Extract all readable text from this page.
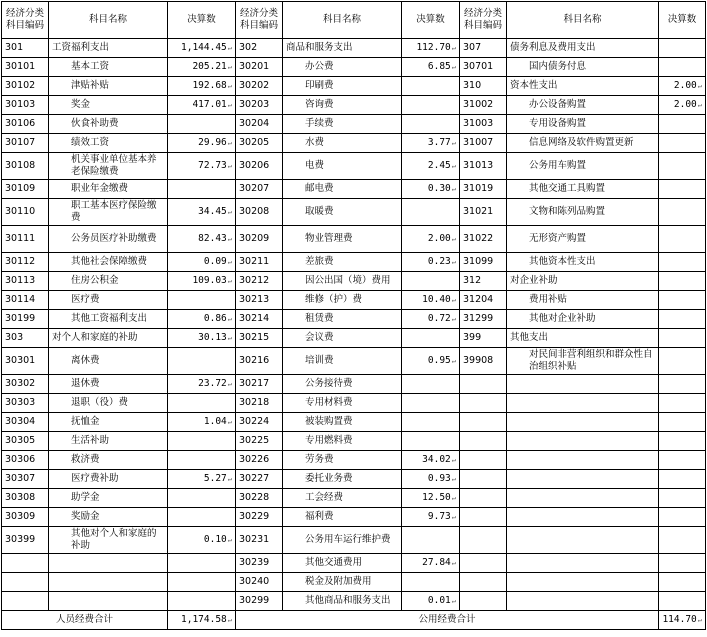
经济分类科目编码	科目名称	决算数	经济分类科目编码	科目名称	决算数	经济分类科目编码	科目名称	决算数
301	工资福利支出	1,144.45 ↵	302	商品和服务支出	112.70 ↵	307	债务利息及费用支出	
30101	基本工资	205.21 ↵	30201	办公费	6.85 ↵	30701	国内债务付息	
30102	津贴补贴	192.68 ↵	30202	印刷费		310	资本性支出	2.00 ↵
30103	奖金	417.01 ↵	30203	咨询费		31002	办公设备购置	2.00 ↵
30106	伙食补助费		30204	手续费		31003	专用设备购置	
30107	绩效工资	29.96 ↵	30205	水费	3.77 ↵	31007	信息网络及软件购置更新	
30108	机关事业单位基本养老保险缴费	72.73 ↵	30206	电费	2.45 ↵	31013	公务用车购置	
30109	职业年金缴费		30207	邮电费	0.30 ↵	31019	其他交通工具购置	
30110	职工基本医疗保险缴费	34.45 ↵	30208	取暖费		31021	文物和陈列品购置	
30111	公务员医疗补助缴费	82.43 ↵	30209	物业管理费	2.00 ↵	31022	无形资产购置	
30112	其他社会保障缴费	0.09 ↵	30211	差旅费	0.23 ↵	31099	其他资本性支出	
30113	住房公积金	109.03 ↵	30212	因公出国（境）费用		312	对企业补助	
30114	医疗费		30213	维修（护）费	10.40 ↵	31204	费用补贴	
30199	其他工资福利支出	0.86 ↵	30214	租赁费	0.72 ↵	31299	其他对企业补助	
303	对个人和家庭的补助	30.13 ↵	30215	会议费		399	其他支出	
30301	离休费		30216	培训费	0.95 ↵	39908	对民间非营利组织和群众性自治组织补贴	
30302	退休费	23.72 ↵	30217	公务接待费				
30303	退职（役）费		30218	专用材料费				
30304	抚恤金	1.04 ↵	30224	被装购置费				
30305	生活补助		30225	专用燃料费				
30306	救济费		30226	劳务费	34.02 ↵			
30307	医疗费补助	5.27 ↵	30227	委托业务费	0.93 ↵			
30308	助学金		30228	工会经费	12.50 ↵			
30309	奖励金		30229	福利费	9.73 ↵			
30399	其他对个人和家庭的补助	0.10 ↵	30231	公务用车运行维护费				
			30239	其他交通费用	27.84 ↵			
			30240	税金及附加费用				
			30299	其他商品和服务支出	0.01 ↵			
人员经费合计		1,174.58 ↵	公用经费合计					114.70 ↵
